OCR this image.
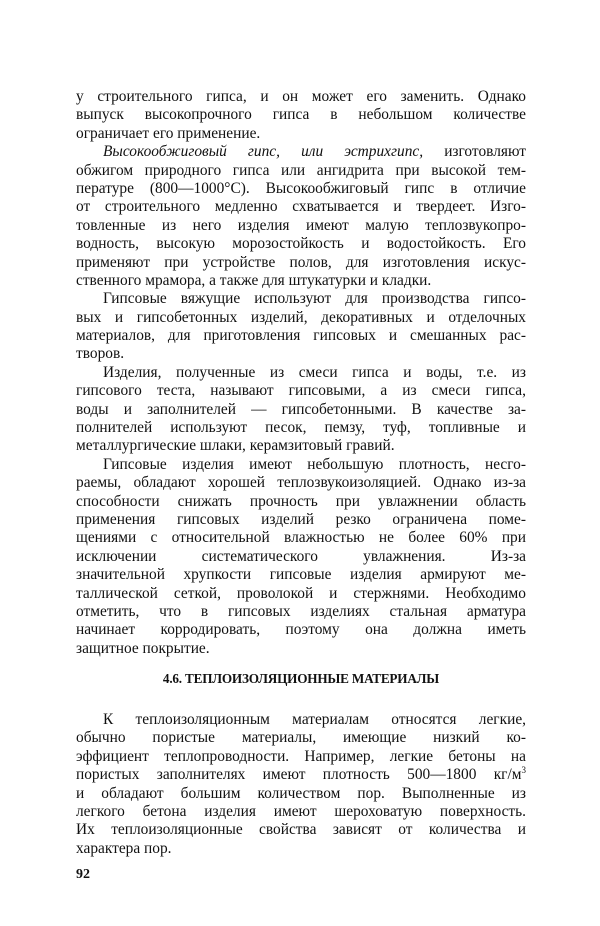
у строительного гипса, и он может его заменить. Однако
выпуск высокопрочного гипса в небольшом количестве
ограничает его применение.
Высокообжиговый гипс, или эстрихгипс, изготовляют
обжигом природного гипса или ангидрита при высокой тем-
пературе (800—1000°С). Высокообжиговый гипс в отличие
от строительного медленно схватывается и твердеет. Изго-
товленные из него изделия имеют малую теплозвукопро-
водность, высокую морозостойкость и водостойкость. Его
применяют при устройстве полов, для изготовления искус-
ственного мрамора, а также для штукатурки и кладки.
Гипсовые вяжущие используют для производства гипсо-
вых и гипсобетонных изделий, декоративных и отделочных
материалов, для приготовления гипсовых и смешанных рас-
творов.
Изделия, полученные из смеси гипса и воды, т.е. из
гипсового теста, называют гипсовыми, а из смеси гипса,
воды и заполнителей — гипсобетонными. В качестве за-
полнителей используют песок, пемзу, туф, топливные и
металлургические шлаки, керамзитовый гравий.
Гипсовые изделия имеют небольшую плотность, несго-
раемы, обладают хорошей теплозвукоизоляцией. Однако из-за
способности снижать прочность при увлажнении область
применения гипсовых изделий резко ограничена поме-
щениями с относительной влажностью не более 60% при
исключении систематического увлажнения. Из-за
значительной хрупкости гипсовые изделия армируют ме-
таллической сеткой, проволокой и стержнями. Необходимо
отметить, что в гипсовых изделиях стальная арматура
начинает корродировать, поэтому она должна иметь
защитное покрытие.
4.6. ТЕПЛОИЗОЛЯЦИОННЫЕ МАТЕРИАЛЫ
К теплоизоляционным материалам относятся легкие,
обычно пористые материалы, имеющие низкий ко-
эффициент теплопроводности. Например, легкие бетоны на
пористых заполнителях имеют плотность 500—1800 $кг/м^3$
и обладают большим количеством пор. Выполненные из
легкого бетона изделия имеют шероховатую поверхность.
Их теплоизоляционные свойства зависят от количества и
характера пор.
92
